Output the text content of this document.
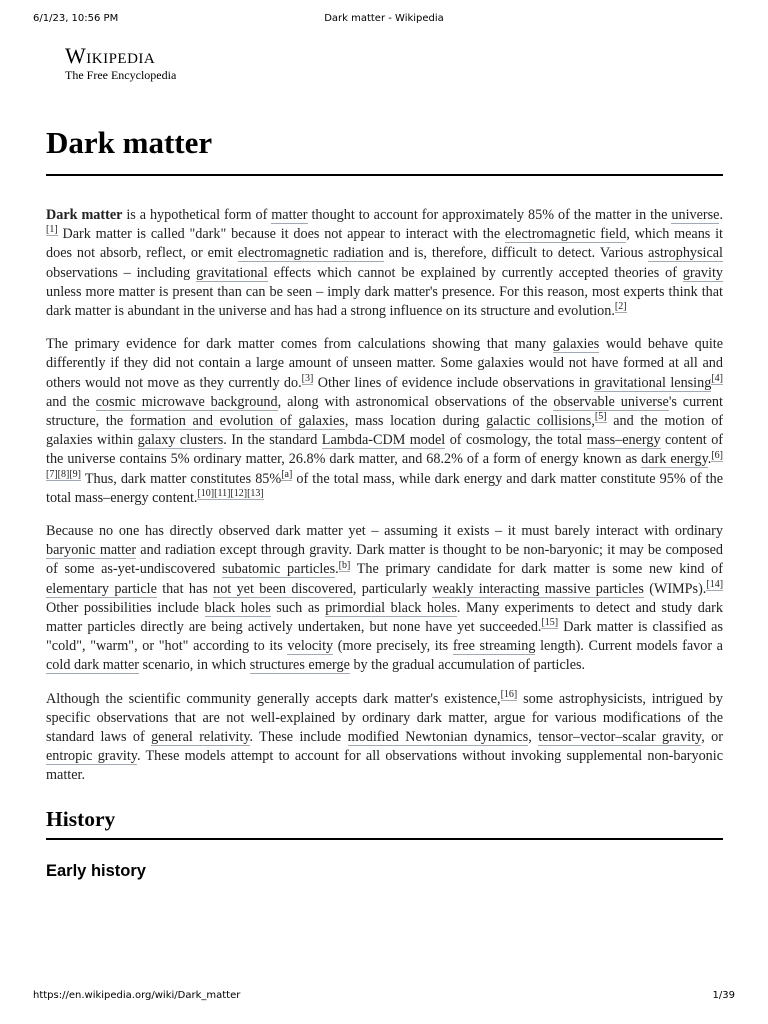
6/1/23, 10:56 PM	Dark matter - Wikipedia
Wikipedia
The Free Encyclopedia
Dark matter

Dark matter is a hypothetical form of matter thought to account for approximately 85% of the matter in the universe.[1] Dark matter is called "dark" because it does not appear to interact with the electromagnetic field, which means it does not absorb, reflect, or emit electromagnetic radiation and is, therefore, difficult to detect. Various astrophysical observations – including gravitational effects which cannot be explained by currently accepted theories of gravity unless more matter is present than can be seen – imply dark matter's presence. For this reason, most experts think that dark matter is abundant in the universe and has had a strong influence on its structure and evolution.[2]

The primary evidence for dark matter comes from calculations showing that many galaxies would behave quite differently if they did not contain a large amount of unseen matter. Some galaxies would not have formed at all and others would not move as they currently do.[3] Other lines of evidence include observations in gravitational lensing[4] and the cosmic microwave background, along with astronomical observations of the observable universe's current structure, the formation and evolution of galaxies, mass location during galactic collisions,[5] and the motion of galaxies within galaxy clusters. In the standard Lambda-CDM model of cosmology, the total mass–energy content of the universe contains 5% ordinary matter, 26.8% dark matter, and 68.2% of a form of energy known as dark energy.[6][7][8][9] Thus, dark matter constitutes 85%[a] of the total mass, while dark energy and dark matter constitute 95% of the total mass–energy content.[10][11][12][13]

Because no one has directly observed dark matter yet – assuming it exists – it must barely interact with ordinary baryonic matter and radiation except through gravity. Dark matter is thought to be non-baryonic; it may be composed of some as-yet-undiscovered subatomic particles.[b] The primary candidate for dark matter is some new kind of elementary particle that has not yet been discovered, particularly weakly interacting massive particles (WIMPs).[14] Other possibilities include black holes such as primordial black holes. Many experiments to detect and study dark matter particles directly are being actively undertaken, but none have yet succeeded.[15] Dark matter is classified as "cold", "warm", or "hot" according to its velocity (more precisely, its free streaming length). Current models favor a cold dark matter scenario, in which structures emerge by the gradual accumulation of particles.

Although the scientific community generally accepts dark matter's existence,[16] some astrophysicists, intrigued by specific observations that are not well-explained by ordinary dark matter, argue for various modifications of the standard laws of general relativity. These include modified Newtonian dynamics, tensor–vector–scalar gravity, or entropic gravity. These models attempt to account for all observations without invoking supplemental non-baryonic matter.

History
Early history
https://en.wikipedia.org/wiki/Dark_matter	1/39
